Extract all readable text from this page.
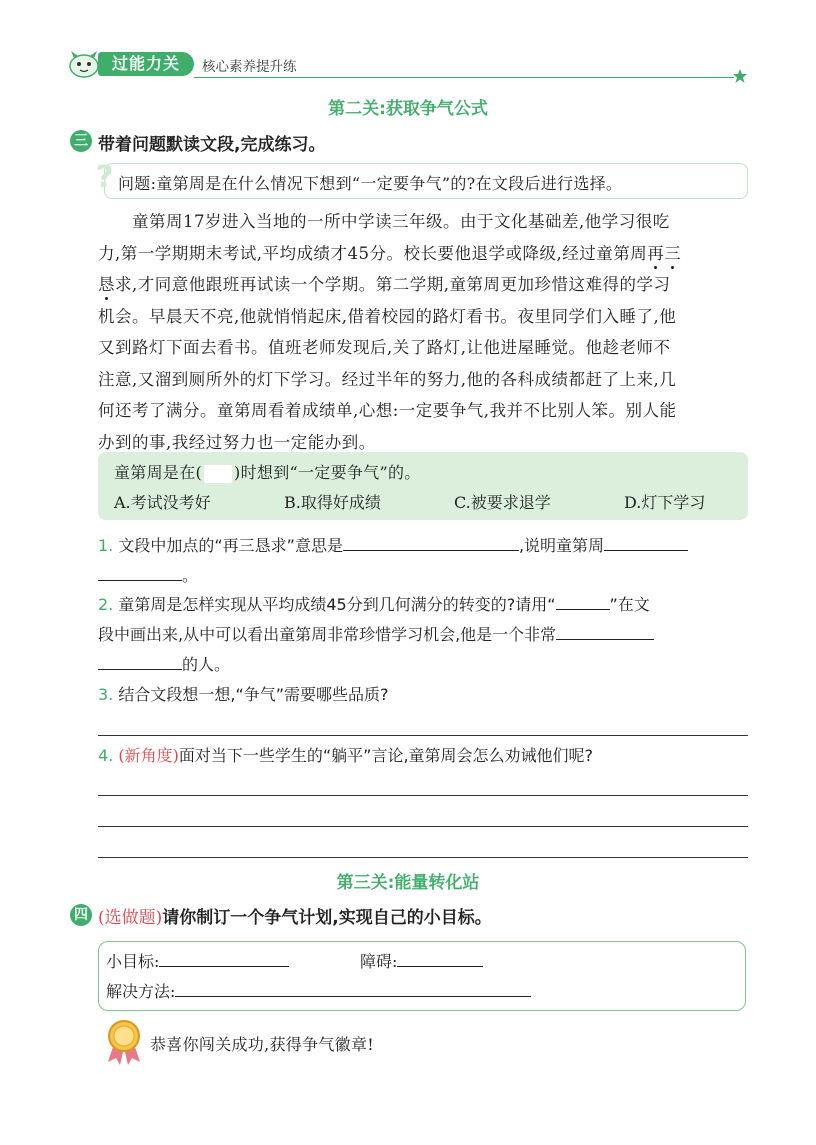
过能力关	核心素养提升练
第二关:获取争气公式
三 带着问题默读文段,完成练习。
? 问题:童第周是在什么情况下想到“一定要争气”的?在文段后进行选择。
童第周17岁进入当地的一所中学读三年级。由于文化基础差,他学习很吃
力,第一学期期末考试,平均成绩才45分。校长要他退学或降级,经过童第周再三
恳求,才同意他跟班再试读一个学期。第二学期,童第周更加珍惜这难得的学习
机会。早晨天不亮,他就悄悄起床,借着校园的路灯看书。夜里同学们入睡了,他
又到路灯下面去看书。值班老师发现后,关了路灯,让他进屋睡觉。他趁老师不
注意,又溜到厕所外的灯下学习。经过半年的努力,他的各科成绩都赶了上来,几
何还考了满分。童第周看着成绩单,心想:一定要争气,我并不比别人笨。别人能
办到的事,我经过努力也一定能办到。
童第周是在( )时想到“一定要争气”的。
A.考试没考好	B.取得好成绩	C.被要求退学	D.灯下学习
1. 文段中加点的“再三恳求”意思是	,说明童第周
。
2. 童第周是怎样实现从平均成绩45分到几何满分的转变的?请用“	”在文
段中画出来,从中可以看出童第周非常珍惜学习机会,他是一个非常
的人。
3. 结合文段想一想,“争气”需要哪些品质?
4. (新角度)面对当下一些学生的“躺平”言论,童第周会怎么劝诫他们呢?
第三关:能量转化站
四 (选做题)请你制订一个争气计划,实现自己的小目标。
小目标:	障碍:
解决方法:
恭喜你闯关成功,获得争气徽章!
